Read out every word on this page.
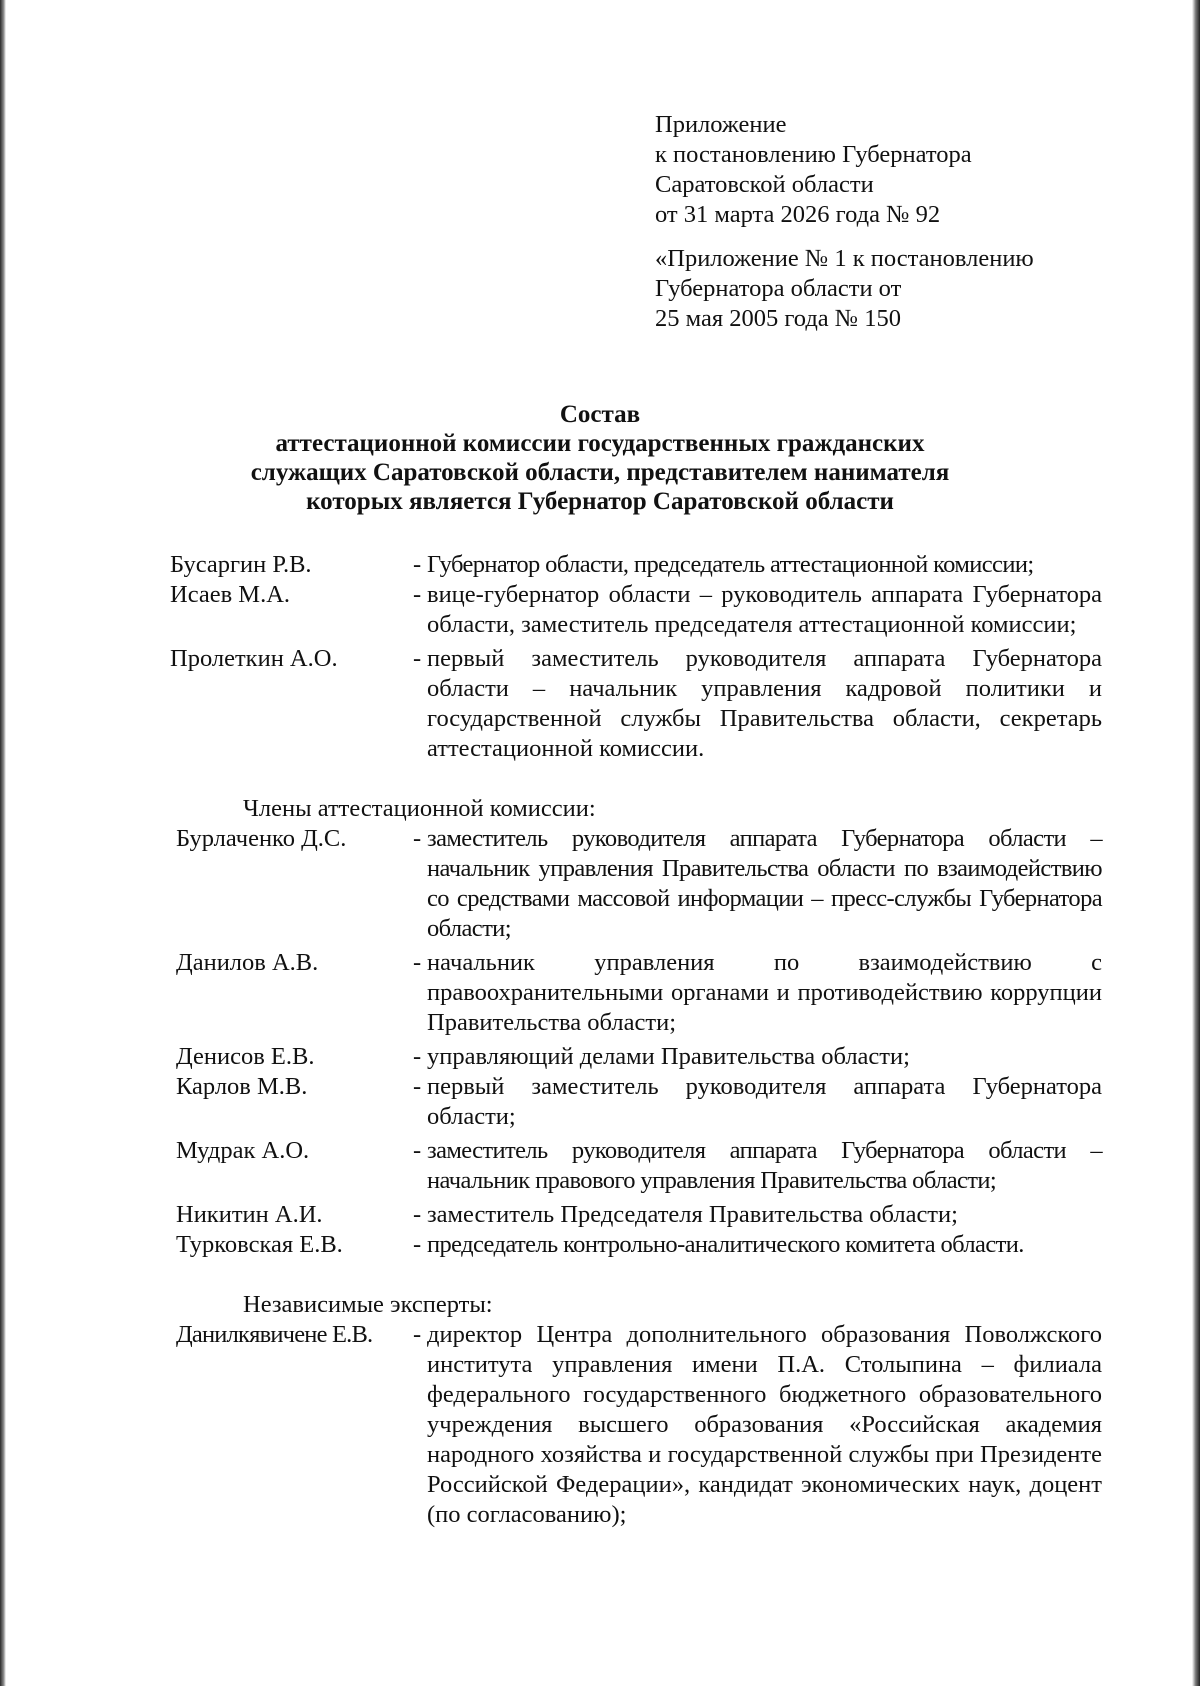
Приложение
к постановлению Губернатора
Саратовской области
от 31 марта 2026 года № 92
«Приложение № 1 к постановлению
Губернатора области от
25 мая 2005 года № 150
Состав
аттестационной комиссии государственных гражданских
служащих Саратовской области, представителем нанимателя
которых является Губернатор Саратовской области
Бусаргин Р.В.	- Губернатор области, председатель аттестационной комиссии;
Исаев М.А.	- вице-губернатор области – руководитель аппарата Губернатора области, заместитель председателя аттестационной комиссии;
Пролеткин А.О.	- первый заместитель руководителя аппарата Губернатора области – начальник управления кадровой политики и государственной службы Правительства области, секретарь аттестационной комиссии.
Члены аттестационной комиссии:
Бурлаченко Д.С.	- заместитель руководителя аппарата Губернатора области – начальник управления Правительства области по взаимодействию со средствами массовой информации – пресс-службы Губернатора области;
Данилов А.В.	- начальник управления по взаимодействию с правоохранительными органами и противодействию коррупции Правительства области;
Денисов Е.В.	- управляющий делами Правительства области;
Карлов М.В.	- первый заместитель руководителя аппарата Губернатора области;
Мудрак А.О.	- заместитель руководителя аппарата Губернатора области – начальник правового управления Правительства области;
Никитин А.И.	- заместитель Председателя Правительства области;
Турковская Е.В.	- председатель контрольно-аналитического комитета области.
Независимые эксперты:
Данилкявичене Е.В.	- директор Центра дополнительного образования Поволжского института управления имени П.А. Столыпина – филиала федерального государственного бюджетного образовательного учреждения высшего образования «Российская академия народного хозяйства и государственной службы при Президенте Российской Федерации», кандидат экономических наук, доцент (по согласованию);
